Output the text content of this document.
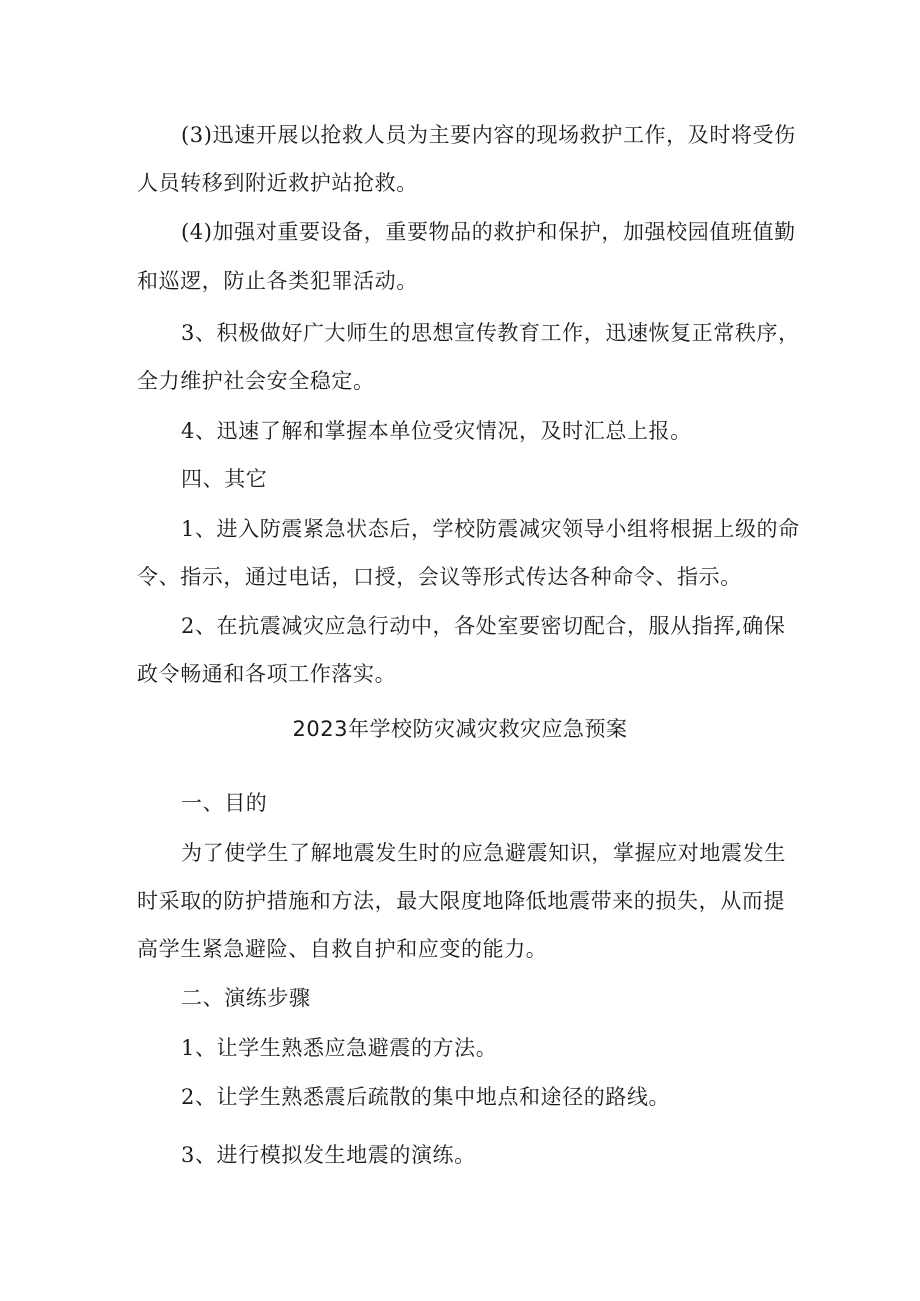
(3)迅速开展以抢救人员为主要内容的现场救护工作，及时将受伤

人员转移到附近救护站抢救。

(4)加强对重要设备，重要物品的救护和保护，加强校园值班值勤

和巡逻，防止各类犯罪活动。

3、积极做好广大师生的思想宣传教育工作，迅速恢复正常秩序，

全力维护社会安全稳定。

4、迅速了解和掌握本单位受灾情况，及时汇总上报。

四、其它

1、进入防震紧急状态后，学校防震减灾领导小组将根据上级的命

令、指示，通过电话，口授，会议等形式传达各种命令、指示。

2、在抗震减灾应急行动中，各处室要密切配合，服从指挥,确保

政令畅通和各项工作落实。

2023年学校防灾减灾救灾应急预案

一、目的

为了使学生了解地震发生时的应急避震知识，掌握应对地震发生

时采取的防护措施和方法，最大限度地降低地震带来的损失，从而提

高学生紧急避险、自救自护和应变的能力。

二、演练步骤

1、让学生熟悉应急避震的方法。

2、让学生熟悉震后疏散的集中地点和途径的路线。

3、进行模拟发生地震的演练。
